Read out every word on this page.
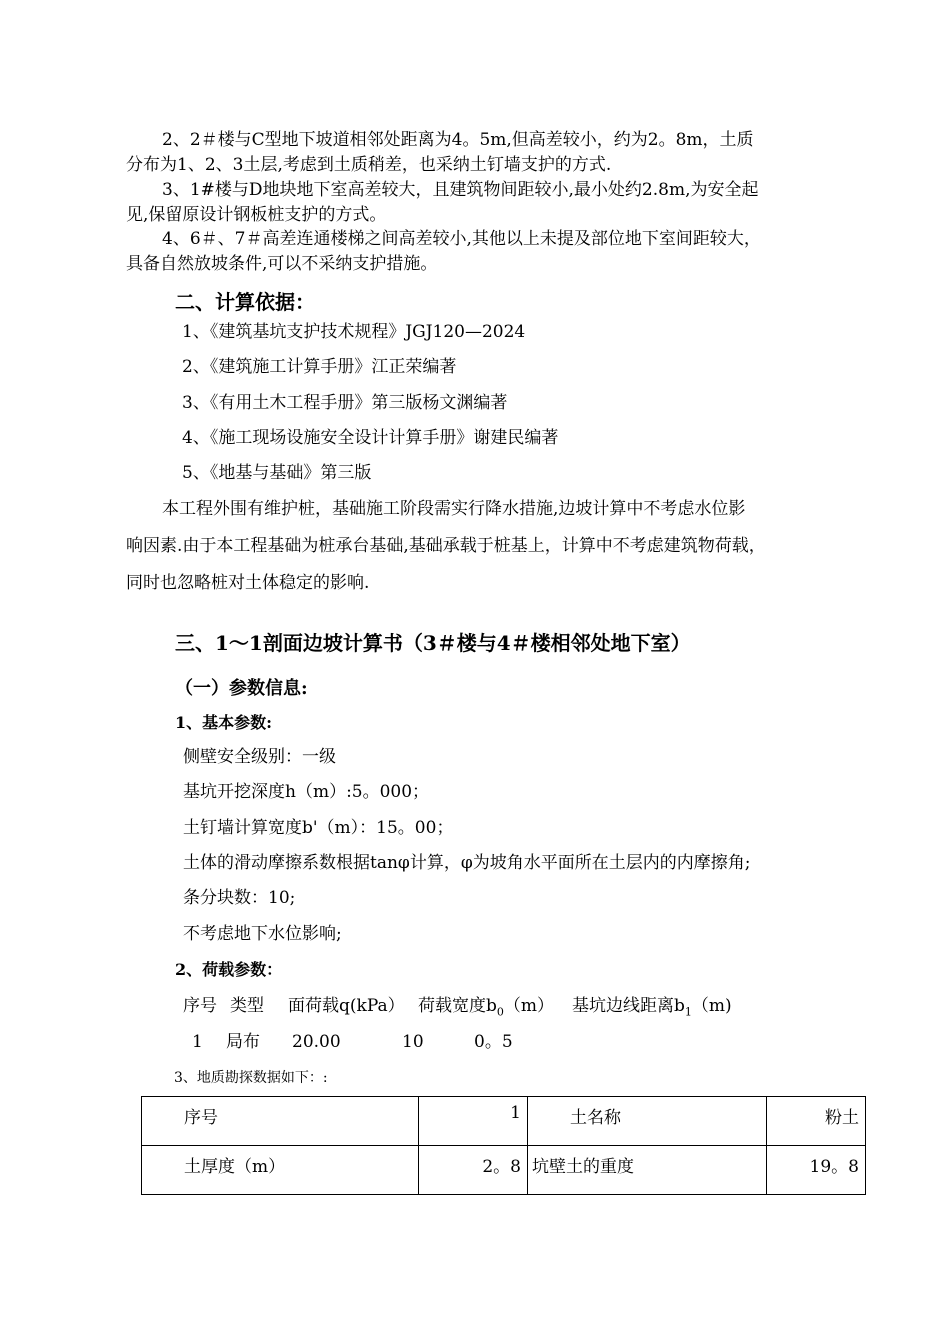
2、2＃楼与C型地下坡道相邻处距离为4。5m,但高差较小，约为2。8m，土质
分布为1、2、3土层,考虑到土质稍差，也采纳土钉墙支护的方式.
3、1#楼与D地块地下室高差较大，且建筑物间距较小,最小处约2.8m,为安全起
见,保留原设计钢板桩支护的方式。
4、6＃、7＃高差连通楼梯之间高差较小,其他以上未提及部位地下室间距较大，
具备自然放坡条件,可以不采纳支护措施。
二、计算依据：
1、《建筑基坑支护技术规程》JGJ120—2024
2、《建筑施工计算手册》江正荣编著
3、《有用土木工程手册》第三版杨文渊编著
4、《施工现场设施安全设计计算手册》谢建民编著
5、《地基与基础》第三版
本工程外围有维护桩，基础施工阶段需实行降水措施,边坡计算中不考虑水位影
响因素.由于本工程基础为桩承台基础,基础承载于桩基上，计算中不考虑建筑物荷载，
同时也忽略桩对土体稳定的影响.
三、1～1剖面边坡计算书（3＃楼与4＃楼相邻处地下室）
（一）参数信息:
1、基本参数:
侧壁安全级别：一级
基坑开挖深度h（m）:5。000；
土钉墙计算宽度b'（m）：15。00；
土体的滑动摩擦系数根据tanφ计算，φ为坡角水平面所在土层内的内摩擦角;
条分块数：10;
不考虑地下水位影响;
2、荷载参数：
序号 类型 面荷载q(kPa） 荷载宽度$b_0(m)$ 基坑边线距离$b_1(m)$
1 局布 20.00	10	0。5
3、地质勘探数据如下：:
序号	1	土名称	粉土
土厚度（m）	2。8	坑壁土的重度	19。8
